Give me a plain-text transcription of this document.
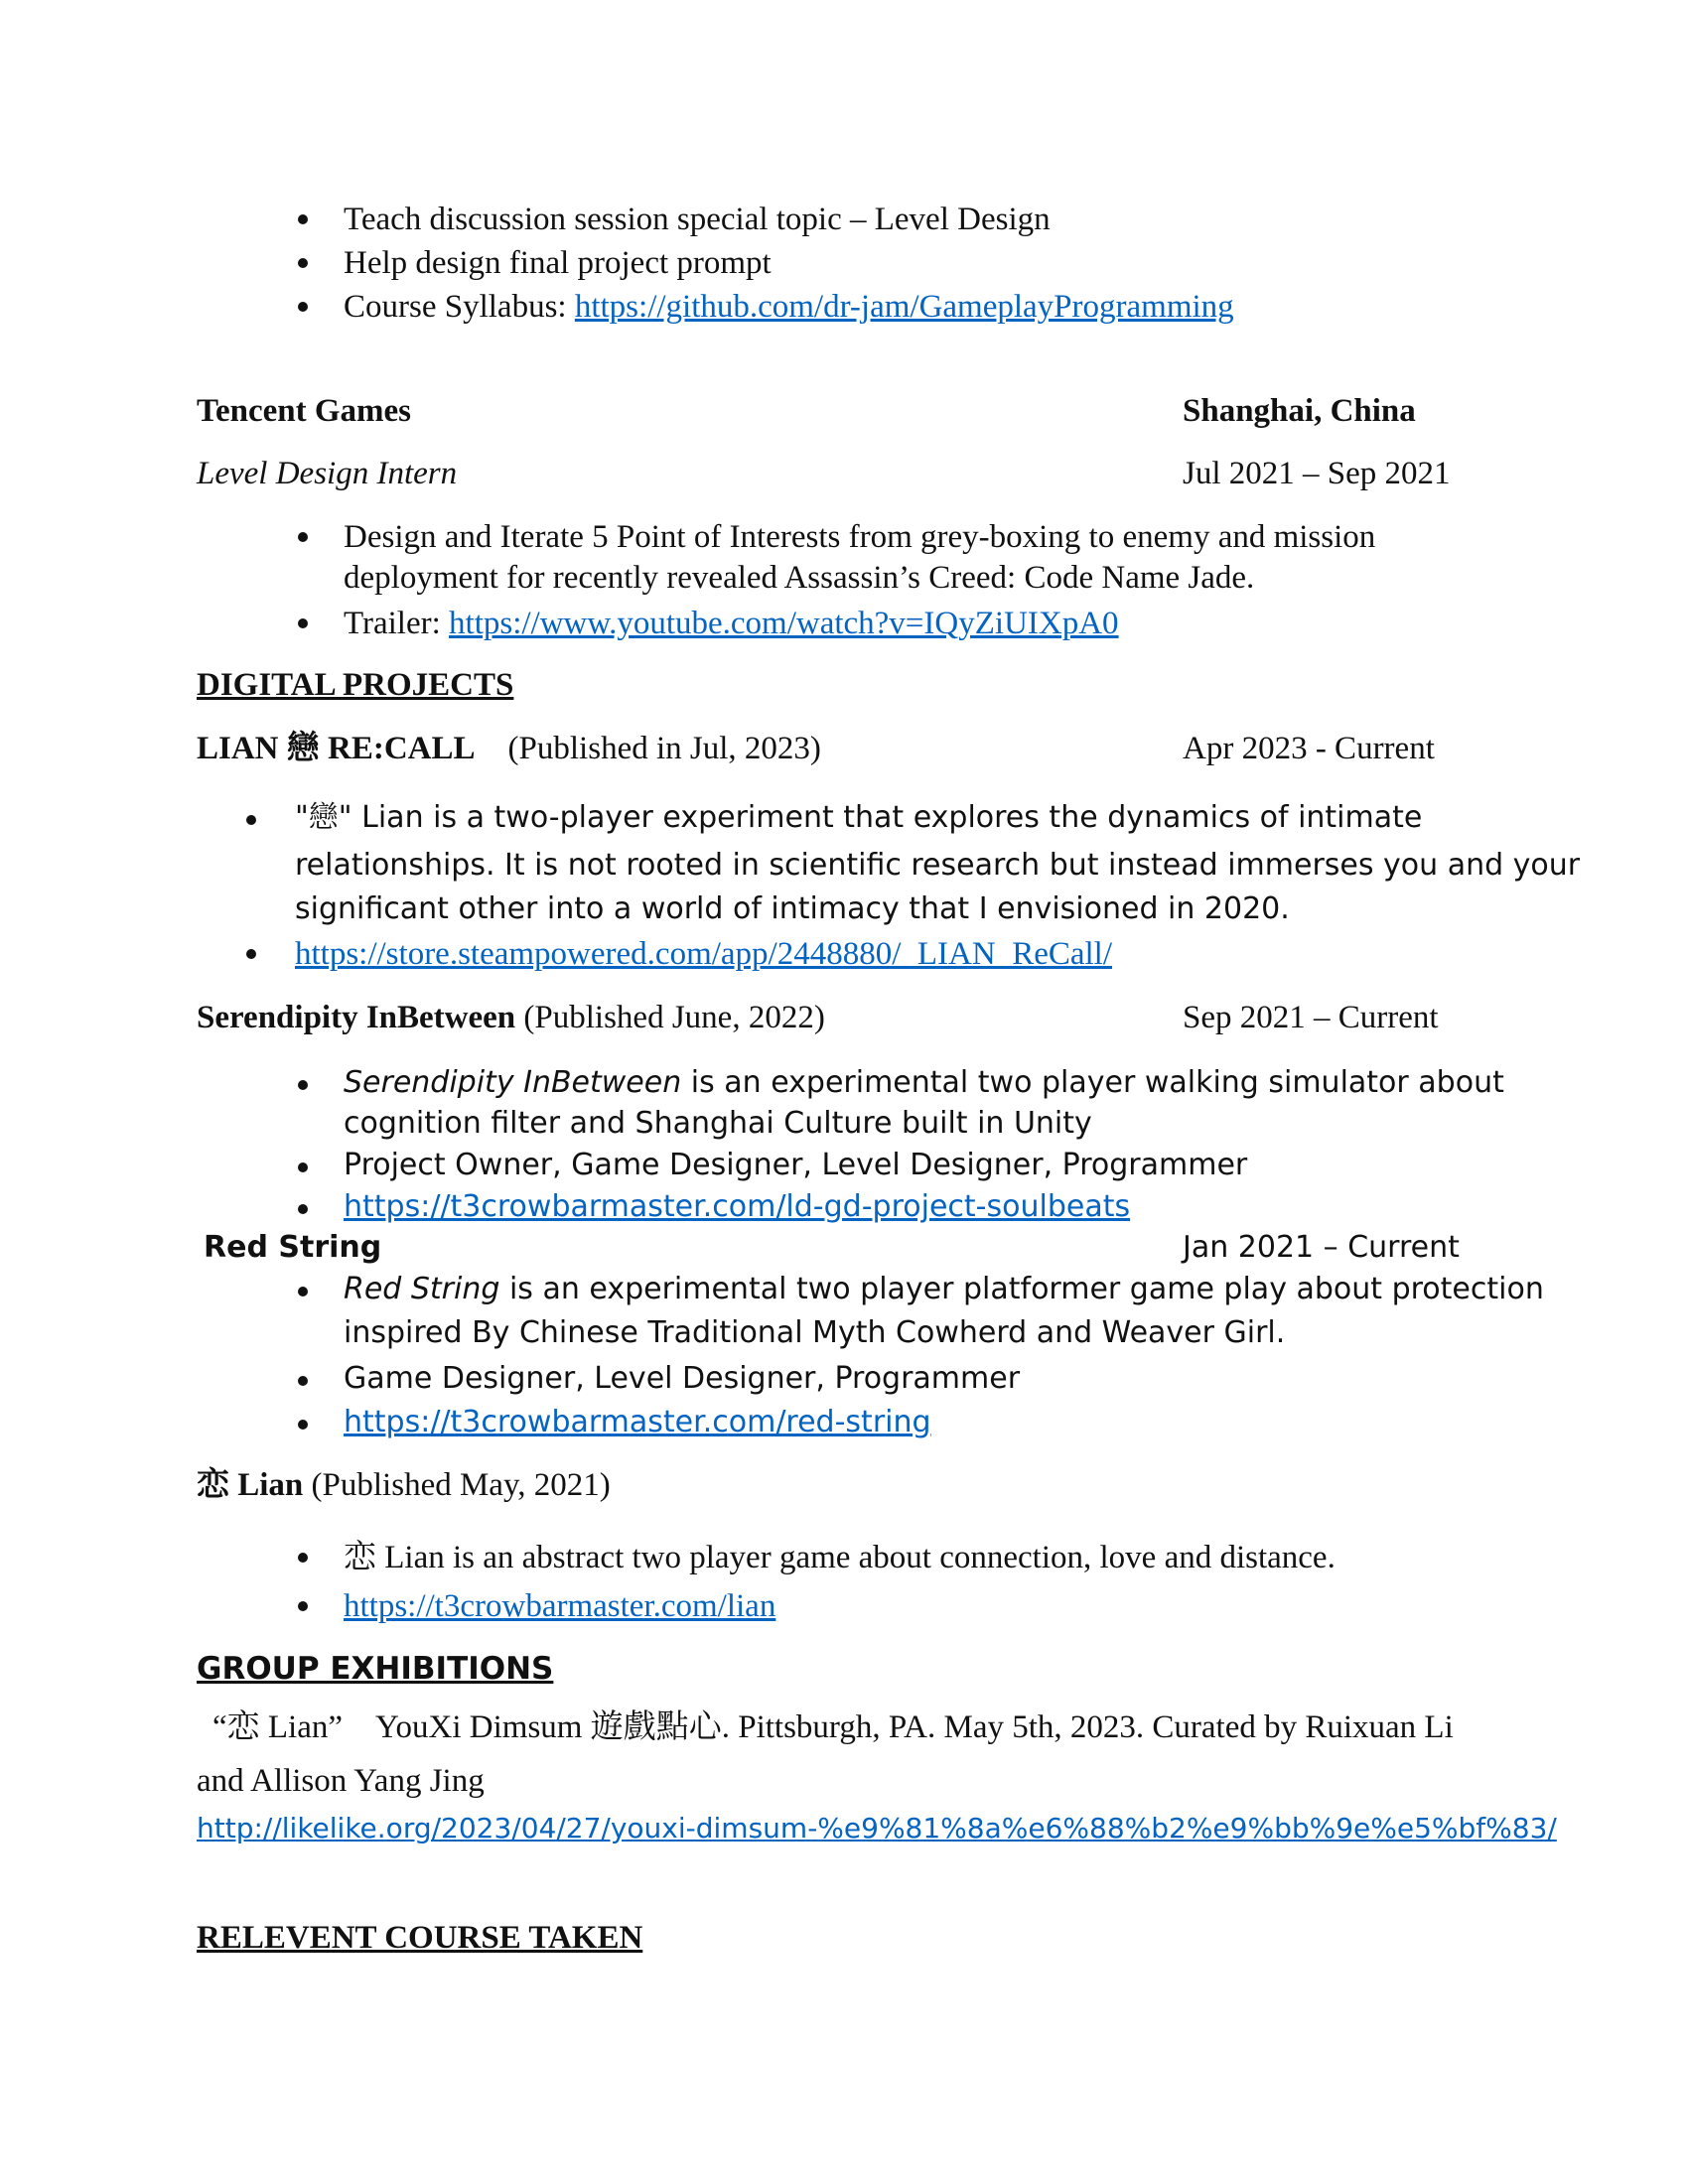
Teach discussion session special topic – Level Design
Help design final project prompt
Course Syllabus: https://github.com/dr-jam/GameplayProgramming
Tencent Games	Shanghai, China
Level Design Intern	Jul 2021 – Sep 2021
Design and Iterate 5 Point of Interests from grey-boxing to enemy and mission
deployment for recently revealed Assassin’s Creed: Code Name Jade.
Trailer: https://www.youtube.com/watch?v=IQyZiUIXpA0
DIGITAL PROJECTS
LIAN 戀 RE:CALL (Published in Jul, 2023)	Apr 2023 - Current
"戀" Lian is a two-player experiment that explores the dynamics of intimate
relationships. It is not rooted in scientific research but instead immerses you and your
significant other into a world of intimacy that I envisioned in 2020.
https://store.steampowered.com/app/2448880/_LIAN_ReCall/
Serendipity InBetween (Published June, 2022)	Sep 2021 – Current
Serendipity InBetween is an experimental two player walking simulator about
cognition filter and Shanghai Culture built in Unity
Project Owner, Game Designer, Level Designer, Programmer
https://t3crowbarmaster.com/ld-gd-project-soulbeats
Red String	Jan 2021 – Current
Red String is an experimental two player platformer game play about protection
inspired By Chinese Traditional Myth Cowherd and Weaver Girl.
Game Designer, Level Designer, Programmer
https://t3crowbarmaster.com/red-string
恋 Lian (Published May, 2021)
恋 Lian is an abstract two player game about connection, love and distance.
https://t3crowbarmaster.com/lian
GROUP EXHIBITIONS
“恋 Lian”　YouXi Dimsum 遊戲點心. Pittsburgh, PA. May 5th, 2023. Curated by Ruixuan Li
and Allison Yang Jing
http://likelike.org/2023/04/27/youxi-dimsum-%e9%81%8a%e6%88%b2%e9%bb%9e%e5%bf%83/
RELEVENT COURSE TAKEN
